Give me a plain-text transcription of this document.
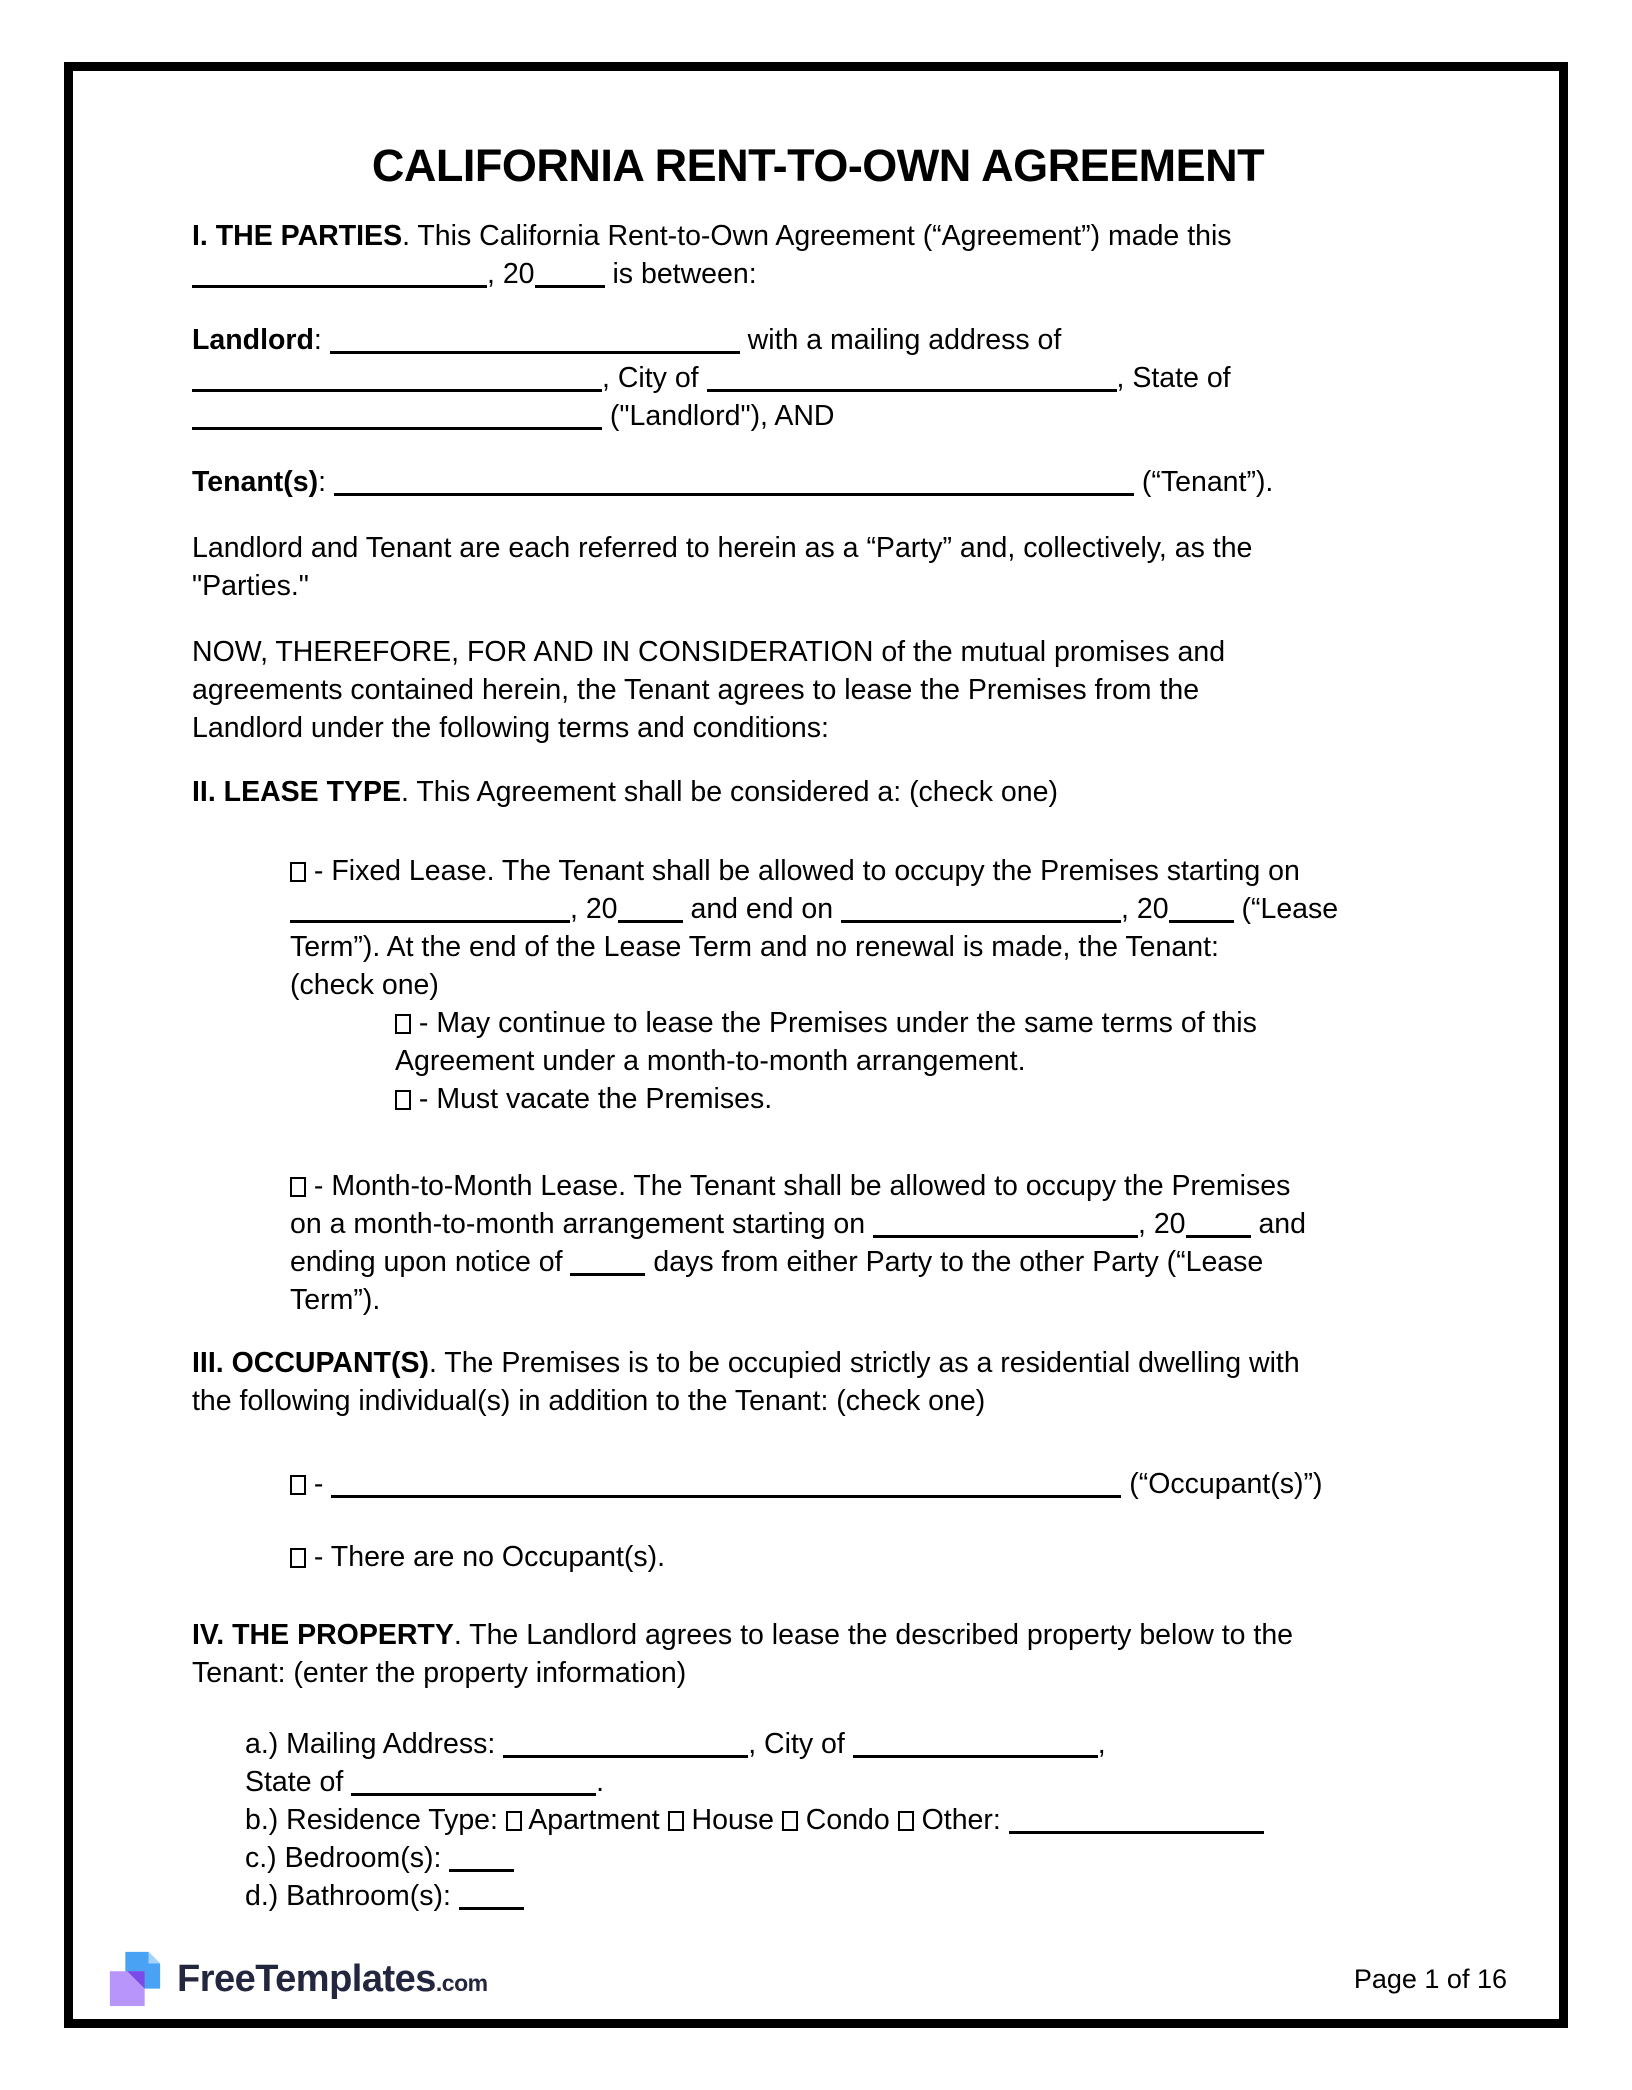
CALIFORNIA RENT-TO-OWN AGREEMENT

I. THE PARTIES. This California Rent-to-Own Agreement (“Agreement”) made this
, 20 is between:

Landlord:	with a mailing address of
, City of	, State of
("Landlord"), AND

Tenant(s):	(“Tenant”).

Landlord and Tenant are each referred to herein as a “Party” and, collectively, as the
"Parties."

NOW, THEREFORE, FOR AND IN CONSIDERATION of the mutual promises and
agreements contained herein, the Tenant agrees to lease the Premises from the
Landlord under the following terms and conditions:

II. LEASE TYPE. This Agreement shall be considered a: (check one)

- Fixed Lease. The Tenant shall be allowed to occupy the Premises starting on
, 20 and end on	, 20 (“Lease
Term”). At the end of the Lease Term and no renewal is made, the Tenant:
(check one)

- May continue to lease the Premises under the same terms of this
Agreement under a month-to-month arrangement.

- Must vacate the Premises.

- Month-to-Month Lease. The Tenant shall be allowed to occupy the Premises
on a month-to-month arrangement starting on	, 20 and
ending upon notice of	days from either Party to the other Party (“Lease
Term”).

III. OCCUPANT(S). The Premises is to be occupied strictly as a residential dwelling with
the following individual(s) in addition to the Tenant: (check one)

-	(“Occupant(s)”)

- There are no Occupant(s).

IV. THE PROPERTY. The Landlord agrees to lease the described property below to the
Tenant: (enter the property information)

a.) Mailing Address:	, City of	,
State of	.

b.) Residence Type:  Apartment  House  Condo  Other:

c.) Bedroom(s):

d.) Bathroom(s):

FreeTemplates.com	Page 1 of 16
